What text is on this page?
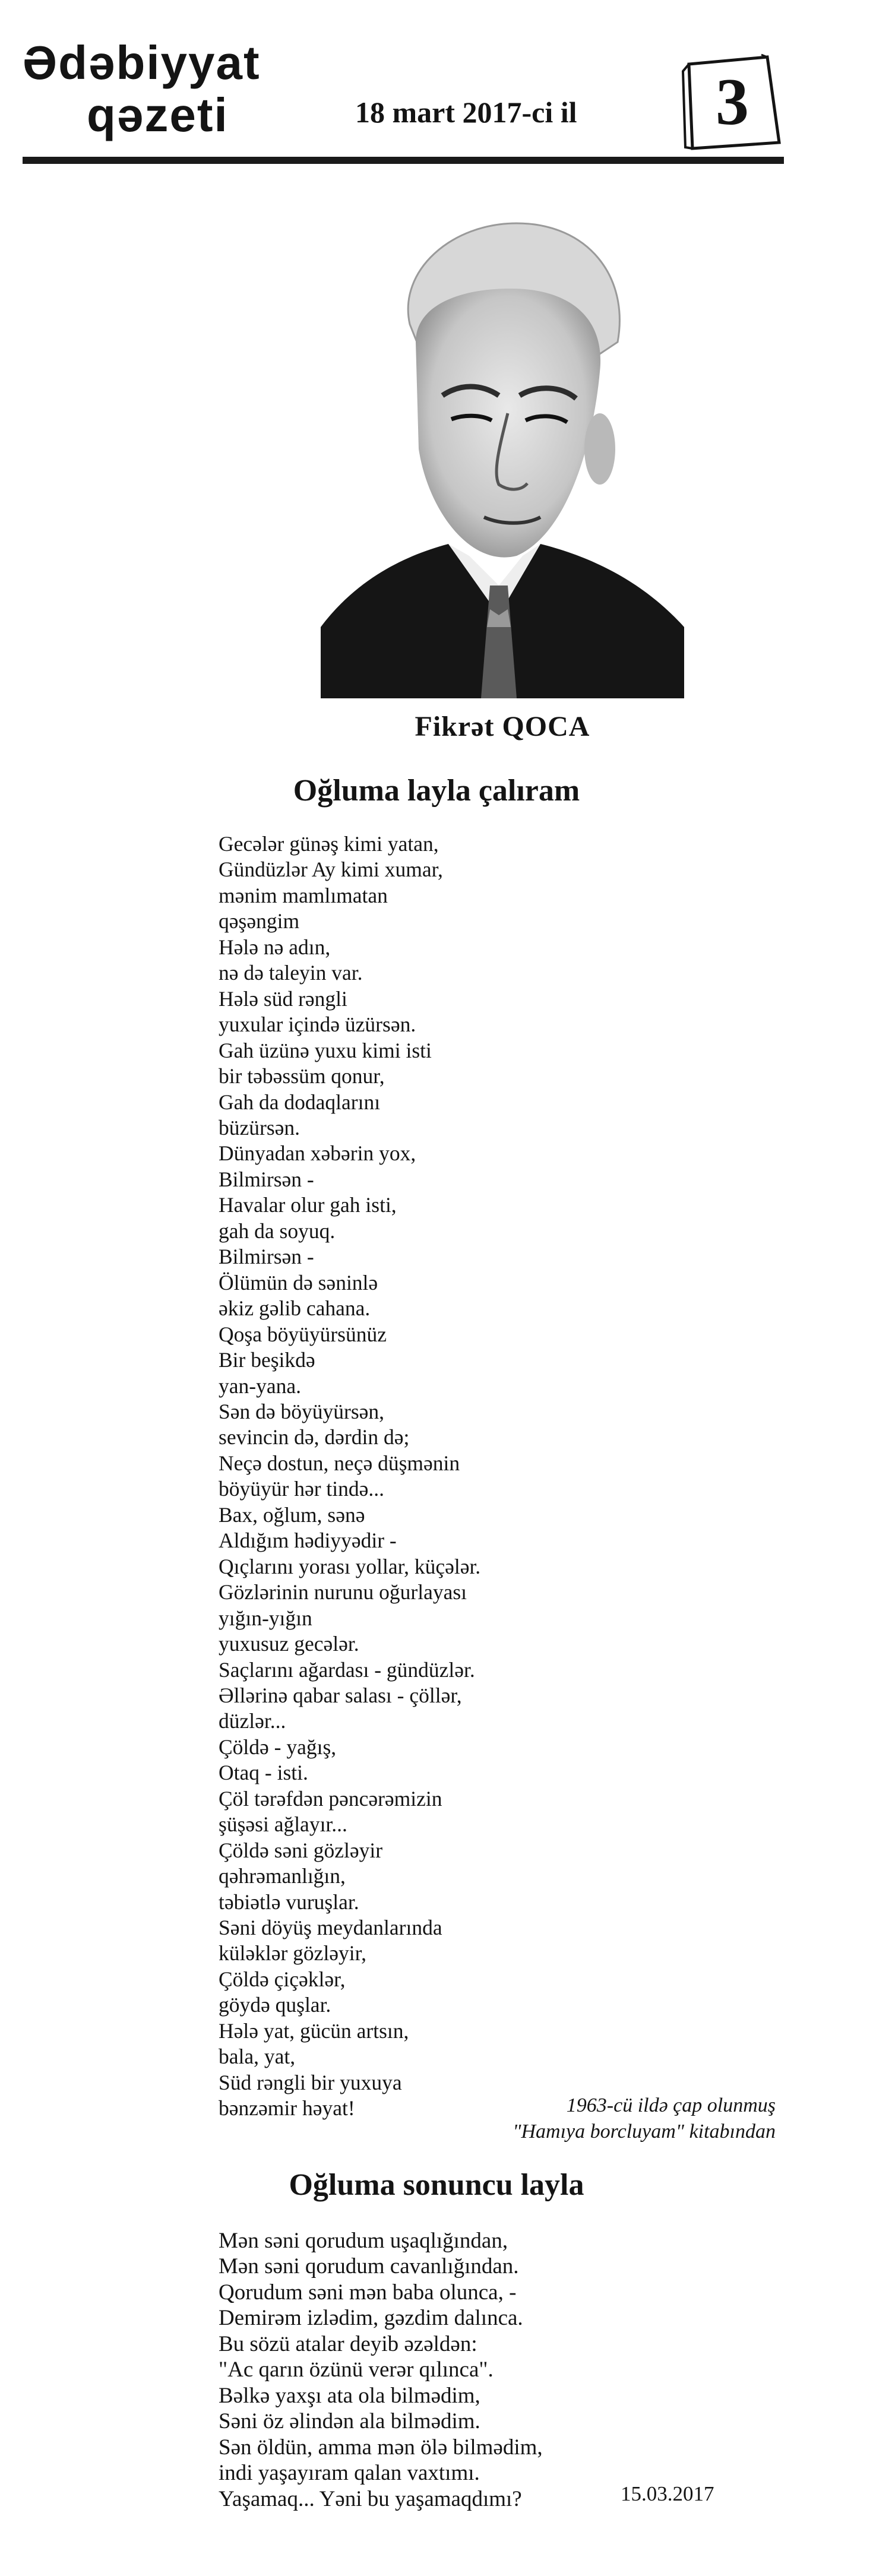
Ədəbiyyat
qəzeti	18 mart 2017-ci il	3
Fikrət QOCA
Oğluma layla çalıram
Gecələr günəş kimi yatan,
Gündüzlər Ay kimi xumar,
mənim mamlımatan
qəşəngim
Hələ nə adın,
nə də taleyin var.
Hələ süd rəngli
yuxular içində üzürsən.
Gah üzünə yuxu kimi isti
bir təbəssüm qonur,
Gah da dodaqlarını
büzürsən.
Dünyadan xəbərin yox,
Bilmirsən -
Havalar olur gah isti,
gah da soyuq.
Bilmirsən -
Ölümün də səninlə
əkiz gəlib cahana.
Qoşa böyüyürsünüz
Bir beşikdə
yan-yana.
Sən də böyüyürsən,
sevincin də, dərdin də;
Neçə dostun, neçə düşmənin
böyüyür hər tində...
Bax, oğlum, sənə
Aldığım hədiyyədir -
Qıçlarını yorası yollar, küçələr.
Gözlərinin nurunu oğurlayası
yığın-yığın
yuxusuz gecələr.
Saçlarını ağardası - gündüzlər.
Əllərinə qabar salası - çöllər,
düzlər...
Çöldə - yağış,
Otaq - isti.
Çöl tərəfdən pəncərəmizin
şüşəsi ağlayır...
Çöldə səni gözləyir
qəhrəmanlığın,
təbiətlə vuruşlar.
Səni döyüş meydanlarında
küləklər gözləyir,
Çöldə çiçəklər,
göydə quşlar.
Hələ yat, gücün artsın,
bala, yat,
Süd rəngli bir yuxuya
bənzəmir həyat!	1963-cü ildə çap olunmuş
"Hamıya borcluyam" kitabından
Oğluma sonuncu layla
Mən səni qorudum uşaqlığından,
Mən səni qorudum cavanlığından.
Qorudum səni mən baba olunca, -
Demirəm izlədim, gəzdim dalınca.
Bu sözü atalar deyib əzəldən:
"Ac qarın özünü verər qılınca".
Bəlkə yaxşı ata ola bilmədim,
Səni öz əlindən ala bilmədim.
Sən öldün, amma mən ölə bilmədim,
indi yaşayıram qalan vaxtımı.
Yaşamaq... Yəni bu yaşamaqdımı?	15.03.2017
